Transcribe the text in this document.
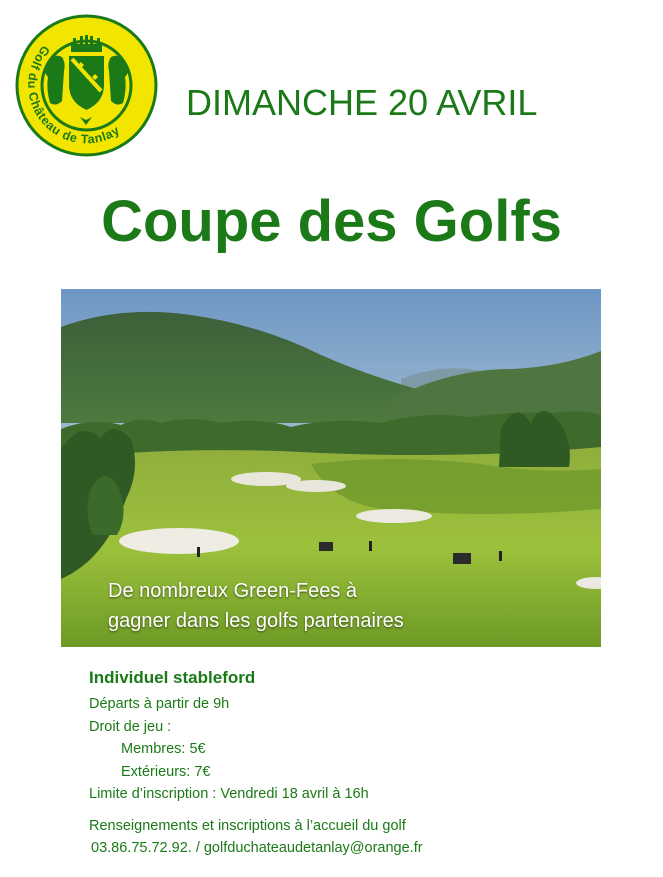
Golf du Château de Tanlay
DIMANCHE 20 AVRIL
Coupe des Golfs
De nombreux Green-Fees à
gagner dans les golfs partenaires
Individuel stableford
Départs à partir de 9h
Droit de jeu :
Membres: 5€
Extérieurs: 7€
Limite d’inscription : Vendredi 18 avril à 16h
Renseignements et inscriptions à l’accueil du golf
03.86.75.72.92. / golfduchateaudetanlay@orange.fr
